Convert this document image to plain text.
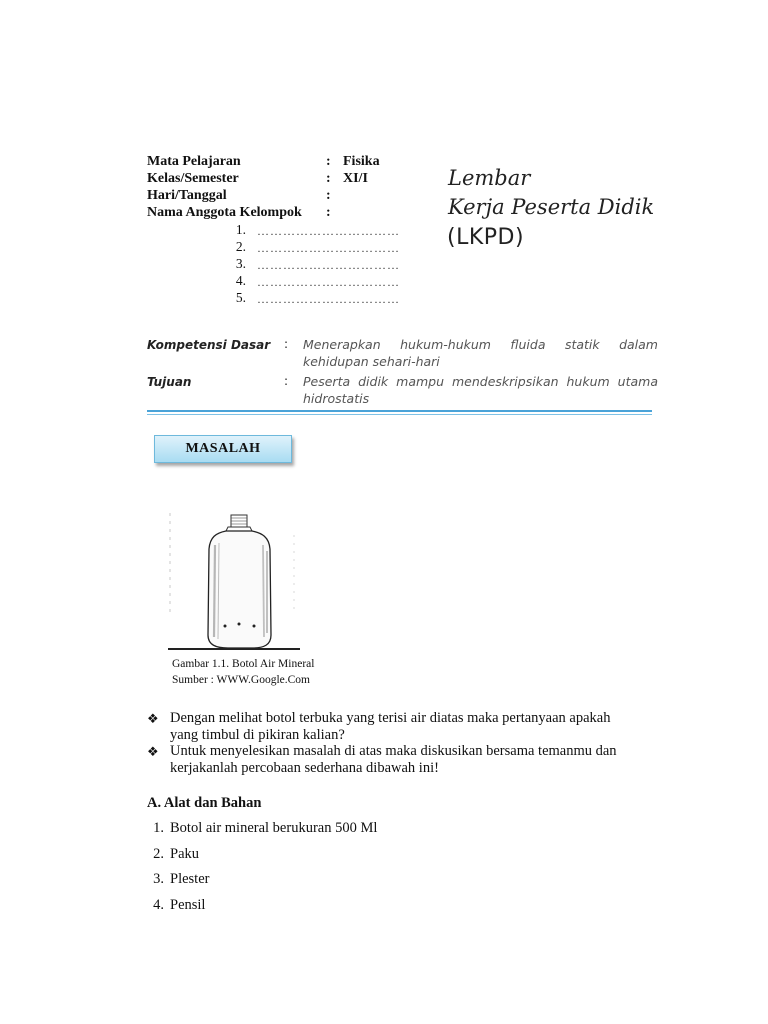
Mata Pelajaran	: Fisika
Kelas/Semester	: XI/I
Hari/Tanggal	:
Nama Anggota Kelompok :
1. ……………………………
2. ……………………………
3. ……………………………
4. ……………………………
5. ……………………………
Lembar
Kerja Peserta Didik
(LKPD)
Kompetensi Dasar : Menerapkan hukum-hukum fluida statik dalam
kehidupan sehari-hari
Tujuan	: Peserta didik mampu mendeskripsikan hukum utama
hidrostatis
MASALAH
Gambar 1.1. Botol Air Mineral
Sumber : WWW.Google.Com
❖ Dengan melihat botol terbuka yang terisi air diatas maka pertanyaan apakah
yang timbul di pikiran kalian?
❖ Untuk menyelesikan masalah di atas maka diskusikan bersama temanmu dan
kerjakanlah percobaan sederhana dibawah ini!
A. Alat dan Bahan
1. Botol air mineral berukuran 500 Ml
2. Paku
3. Plester
4. Pensil
